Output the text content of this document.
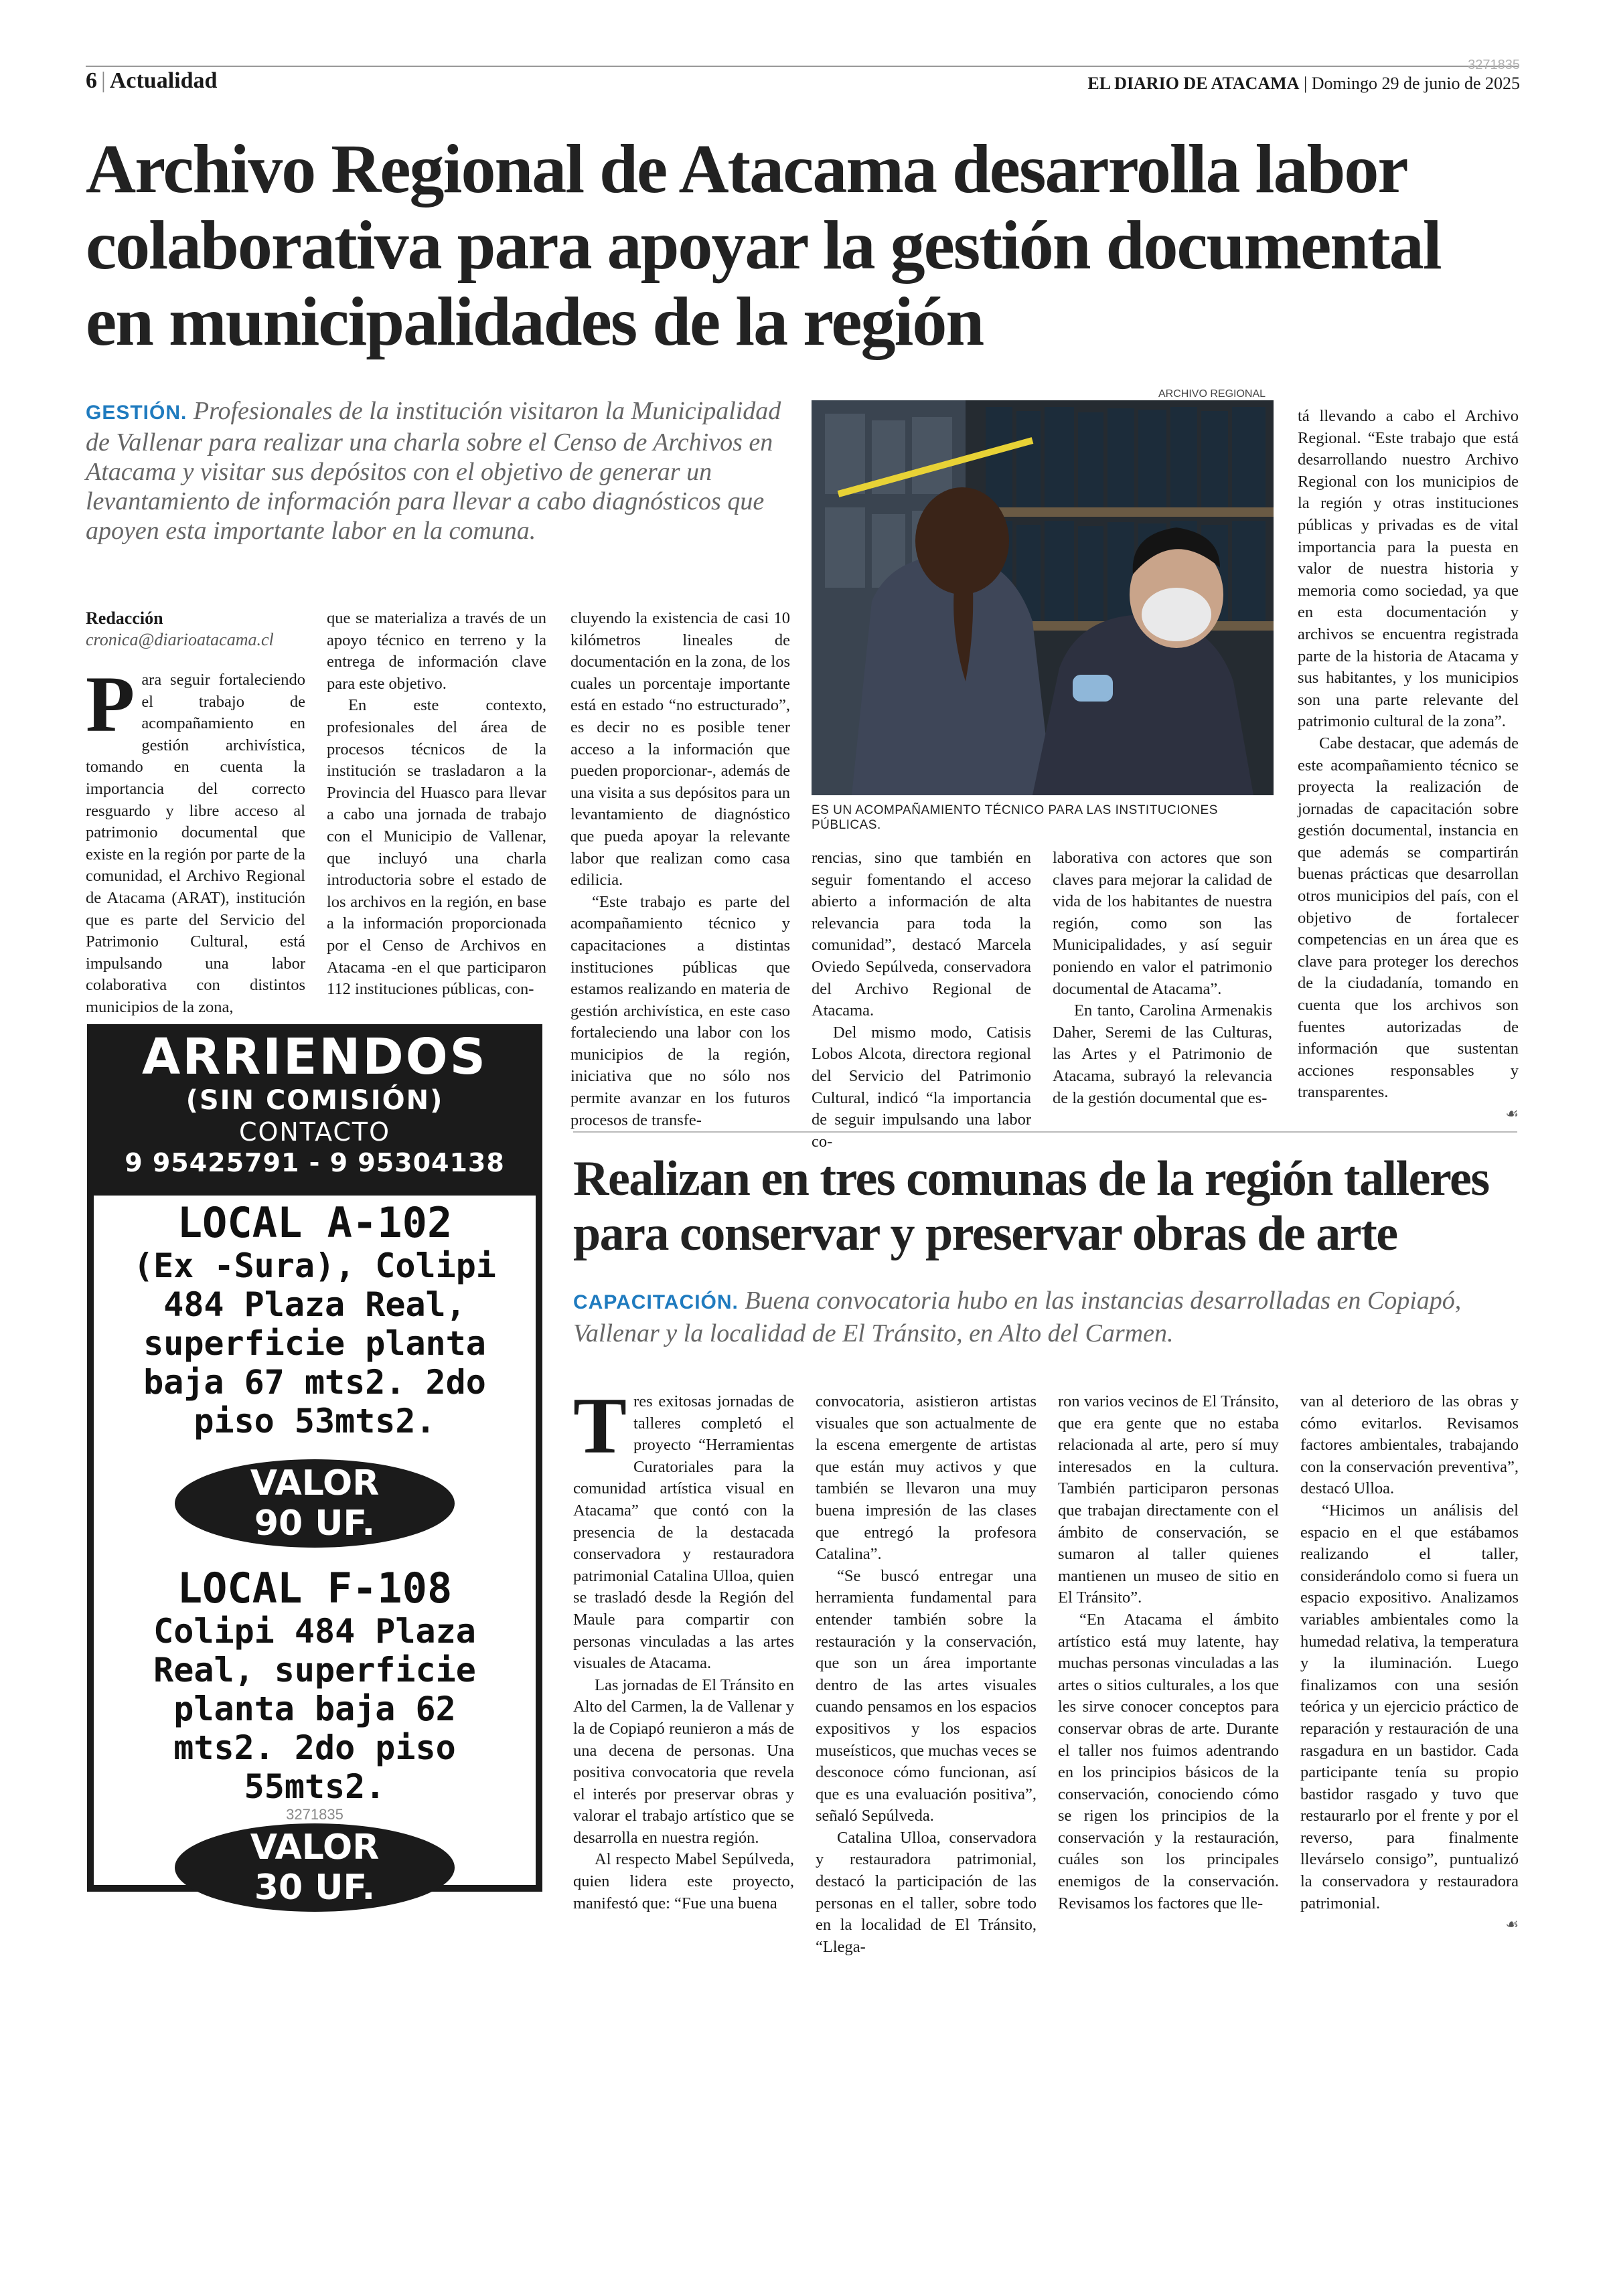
3271835
6 | Actualidad	EL DIARIO DE ATACAMA | Domingo 29 de junio de 2025
Archivo Regional de Atacama desarrolla labor colaborativa para apoyar la gestión documental en municipalidades de la región
GESTIÓN. Profesionales de la institución visitaron la Municipalidad de Vallenar para realizar una charla sobre el Censo de Archivos en Atacama y visitar sus depósitos con el objetivo de generar un levantamiento de información para llevar a cabo diagnósticos que apoyen esta importante labor en la comuna.
Redacción
cronica@diarioatacama.cl
Para seguir fortaleciendo el trabajo de acompañamiento en gestión archivística, tomando en cuenta la importancia del correcto resguardo y libre acceso al patrimonio documental que existe en la región por parte de la comunidad, el Archivo Regional de Atacama (ARAT), institución que es parte del Servicio del Patrimonio Cultural, está impulsando una labor colaborativa con distintos municipios de la zona,

que se materializa a través de un apoyo técnico en terreno y la entrega de información clave para este objetivo.

En este contexto, profesionales del área de procesos técnicos de la institución se trasladaron a la Provincia del Huasco para llevar a cabo una jornada de trabajo con el Municipio de Vallenar, que incluyó una charla introductoria sobre el estado de los archivos en la región, en base a la información proporcionada por el Censo de Archivos en Atacama -en el que participaron 112 instituciones públicas, con-

cluyendo la existencia de casi 10 kilómetros lineales de documentación en la zona, de los cuales un porcentaje importante está en estado “no estructurado”, es decir no es posible tener acceso a la información que pueden proporcionar-, además de una visita a sus depósitos para un levantamiento de diagnóstico que pueda apoyar la relevante labor que realizan como casa edilicia.

“Este trabajo es parte del acompañamiento técnico y capacitaciones a distintas instituciones públicas que estamos realizando en materia de gestión archivística, en este caso fortaleciendo una labor con los municipios de la región, iniciativa que no sólo nos permite avanzar en los futuros procesos de transfe-

ARCHIVO REGIONAL
ES UN ACOMPAÑAMIENTO TÉCNICO PARA LAS INSTITUCIONES PÚBLICAS.

rencias, sino que también en seguir fomentando el acceso abierto a información de alta relevancia para toda la comunidad”, destacó Marcela Oviedo Sepúlveda, conservadora del Archivo Regional de Atacama.

Del mismo modo, Catisis Lobos Alcota, directora regional del Servicio del Patrimonio Cultural, indicó “la importancia de seguir impulsando una labor co-

laborativa con actores que son claves para mejorar la calidad de vida de los habitantes de nuestra región, como son las Municipalidades, y así seguir poniendo en valor el patrimonio documental de Atacama”.

En tanto, Carolina Armenakis Daher, Seremi de las Culturas, las Artes y el Patrimonio de Atacama, subrayó la relevancia de la gestión documental que es-

tá llevando a cabo el Archivo Regional. “Este trabajo que está desarrollando nuestro Archivo Regional con los municipios de la región y otras instituciones públicas y privadas es de vital importancia para la puesta en valor de nuestra historia y memoria como sociedad, ya que en esta documentación y archivos se encuentra registrada parte de la historia de Atacama y sus habitantes, y los municipios son una parte relevante del patrimonio cultural de la zona”.

Cabe destacar, que además de este acompañamiento técnico se proyecta la realización de jornadas de capacitación sobre gestión documental, instancia en que además se compartirán buenas prácticas que desarrollan otros municipios del país, con el objetivo de fortalecer competencias en un área que es clave para proteger los derechos de la ciudadanía, tomando en cuenta que los archivos son fuentes autorizadas de información que sustentan acciones responsables y transparentes.

☙
ARRIENDOS
(SIN COMISIÓN)
CONTACTO
9 95425791 - 9 95304138
LOCAL A-102
(Ex -Sura), Colipi 484 Plaza Real, superficie planta baja 67 mts2. 2do piso 53mts2.
VALOR
90 UF.
LOCAL F-108
Colipi 484 Plaza Real, superficie planta baja 62 mts2. 2do piso 55mts2.
3271835
VALOR
30 UF.
Realizan en tres comunas de la región talleres para conservar y preservar obras de arte
CAPACITACIÓN. Buena convocatoria hubo en las instancias desarrolladas en Copiapó, Vallenar y la localidad de El Tránsito, en Alto del Carmen.
Tres exitosas jornadas de talleres completó el proyecto “Herramientas Curatoriales para la comunidad artística visual en Atacama” que contó con la presencia de la destacada conservadora y restauradora patrimonial Catalina Ulloa, quien se trasladó desde la Región del Maule para compartir con personas vinculadas a las artes visuales de Atacama.

Las jornadas de El Tránsito en Alto del Carmen, la de Vallenar y la de Copiapó reunieron a más de una decena de personas. Una positiva convocatoria que revela el interés por preservar obras y valorar el trabajo artístico que se desarrolla en nuestra región.

Al respecto Mabel Sepúlveda, quien lidera este proyecto, manifestó que: “Fue una buena

convocatoria, asistieron artistas visuales que son actualmente de la escena emergente de artistas que están muy activos y que también se llevaron una muy buena impresión de las clases que entregó la profesora Catalina”.

“Se buscó entregar una herramienta fundamental para entender también sobre la restauración y la conservación, que son un área importante dentro de las artes visuales cuando pensamos en los espacios expositivos y los espacios museísticos, que muchas veces se desconoce cómo funcionan, así que es una evaluación positiva”, señaló Sepúlveda.

Catalina Ulloa, conservadora y restauradora patrimonial, destacó la participación de las personas en el taller, sobre todo en la localidad de El Tránsito, “Llega-

ron varios vecinos de El Tránsito, que era gente que no estaba relacionada al arte, pero sí muy interesados en la cultura. También participaron personas que trabajan directamente con el ámbito de conservación, se sumaron al taller quienes mantienen un museo de sitio en El Tránsito”.

“En Atacama el ámbito artístico está muy latente, hay muchas personas vinculadas a las artes o sitios culturales, a los que les sirve conocer conceptos para conservar obras de arte. Durante el taller nos fuimos adentrando en los principios básicos de la conservación, conociendo cómo se rigen los principios de la conservación y la restauración, cuáles son los principales enemigos de la conservación. Revisamos los factores que lle-

van al deterioro de las obras y cómo evitarlos. Revisamos factores ambientales, trabajando con la conservación preventiva”, destacó Ulloa.

“Hicimos un análisis del espacio en el que estábamos realizando el taller, considerándolo como si fuera un espacio expositivo. Analizamos variables ambientales como la humedad relativa, la temperatura y la iluminación. Luego finalizamos con una sesión teórica y un ejercicio práctico de reparación y restauración de una rasgadura en un bastidor. Cada participante tenía su propio bastidor rasgado y tuvo que restaurarlo por el frente y por el reverso, para finalmente llevárselo consigo”, puntualizó la conservadora y restauradora patrimonial.

☙
